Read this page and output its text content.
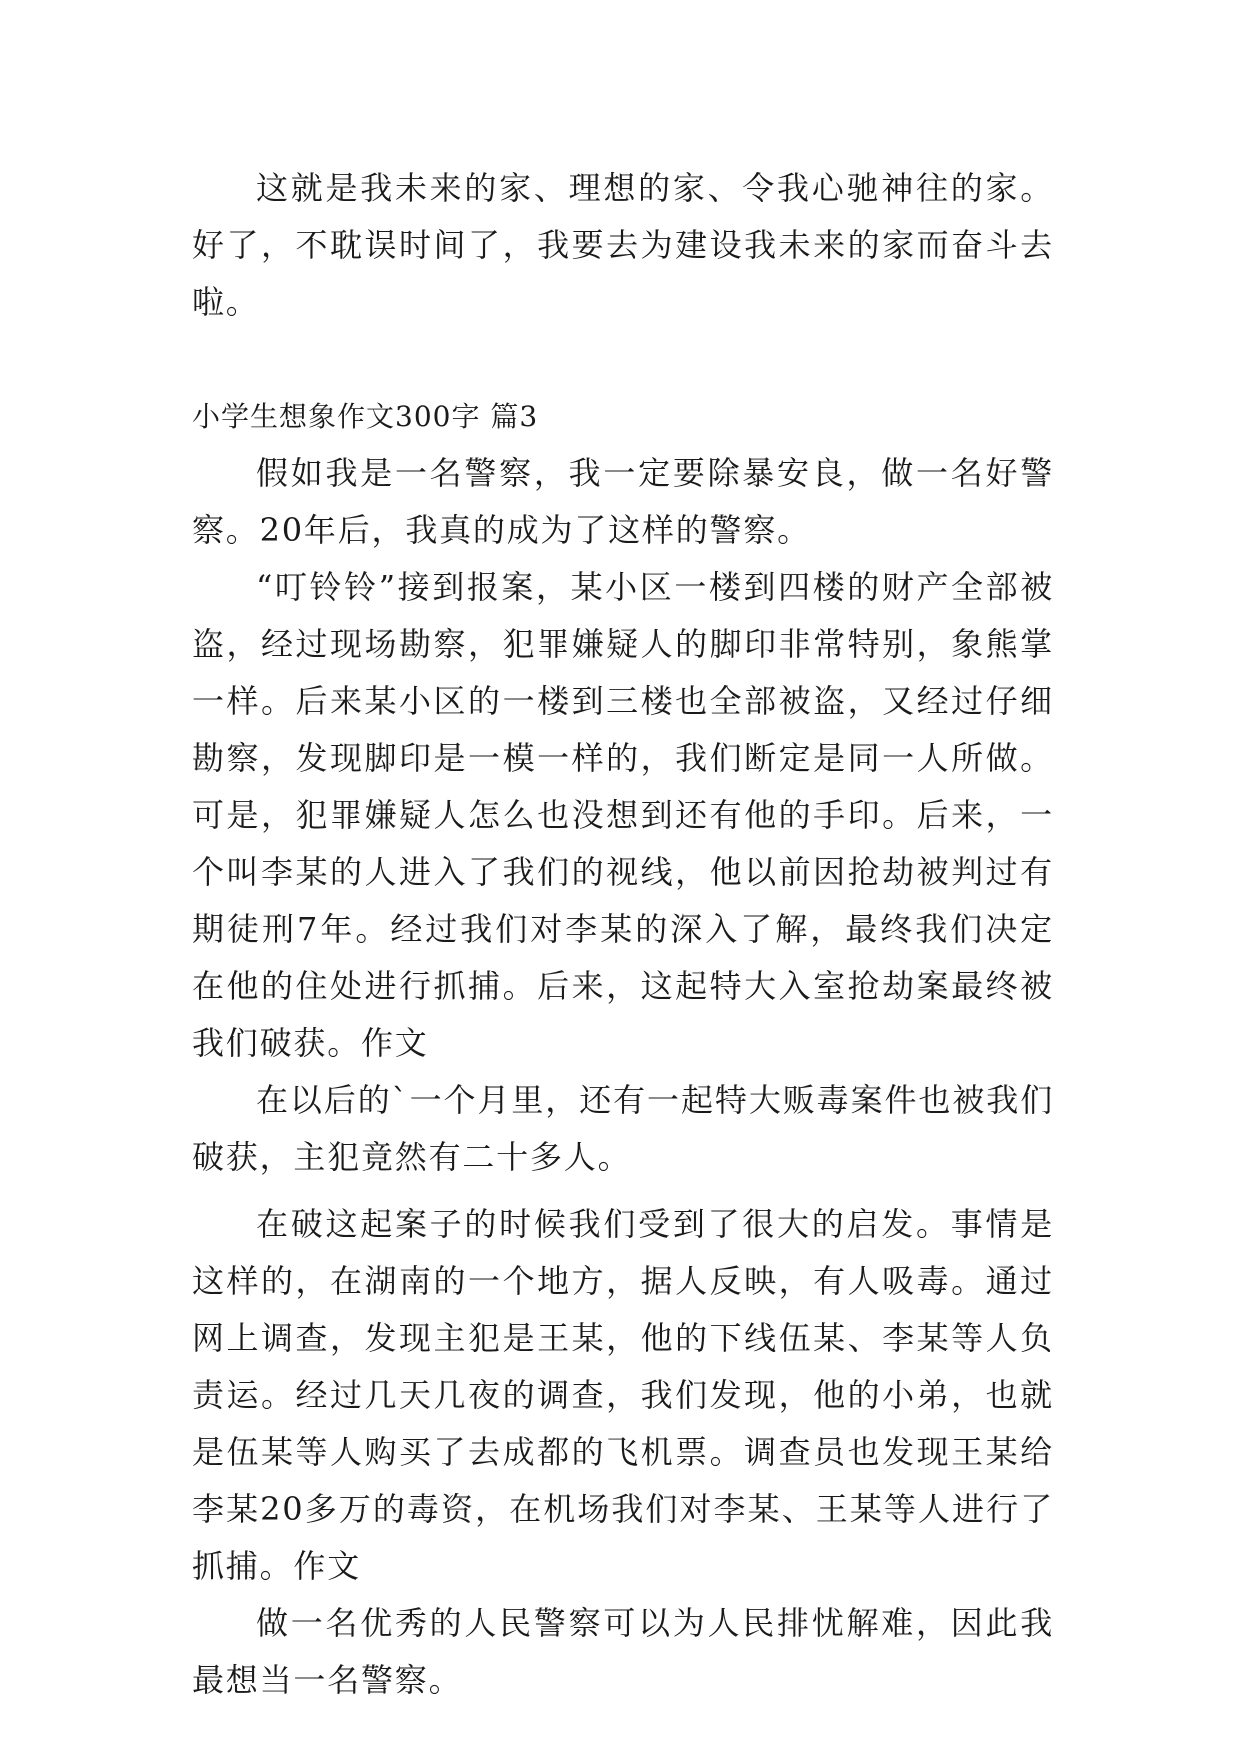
这就是我未来的家、理想的家、令我心驰神往的家。好了，不耽误时间了，我要去为建设我未来的家而奋斗去啦。

小学生想象作文300字 篇3

假如我是一名警察，我一定要除暴安良，做一名好警察。20年后，我真的成为了这样的警察。

“叮铃铃”接到报案，某小区一楼到四楼的财产全部被盗，经过现场勘察，犯罪嫌疑人的脚印非常特别，象熊掌一样。后来某小区的一楼到三楼也全部被盗，又经过仔细勘察，发现脚印是一模一样的，我们断定是同一人所做。可是，犯罪嫌疑人怎么也没想到还有他的手印。后来，一个叫李某的人进入了我们的视线，他以前因抢劫被判过有期徒刑7年。经过我们对李某的深入了解，最终我们决定在他的住处进行抓捕。后来，这起特大入室抢劫案最终被我们破获。作文

在以后的`一个月里，还有一起特大贩毒案件也被我们破获，主犯竟然有二十多人。

在破这起案子的时候我们受到了很大的启发。事情是这样的，在湖南的一个地方，据人反映，有人吸毒。通过网上调查，发现主犯是王某，他的下线伍某、李某等人负责运。经过几天几夜的调查，我们发现，他的小弟，也就是伍某等人购买了去成都的飞机票。调查员也发现王某给李某20多万的毒资，在机场我们对李某、王某等人进行了抓捕。作文

做一名优秀的人民警察可以为人民排忧解难，因此我最想当一名警察。
